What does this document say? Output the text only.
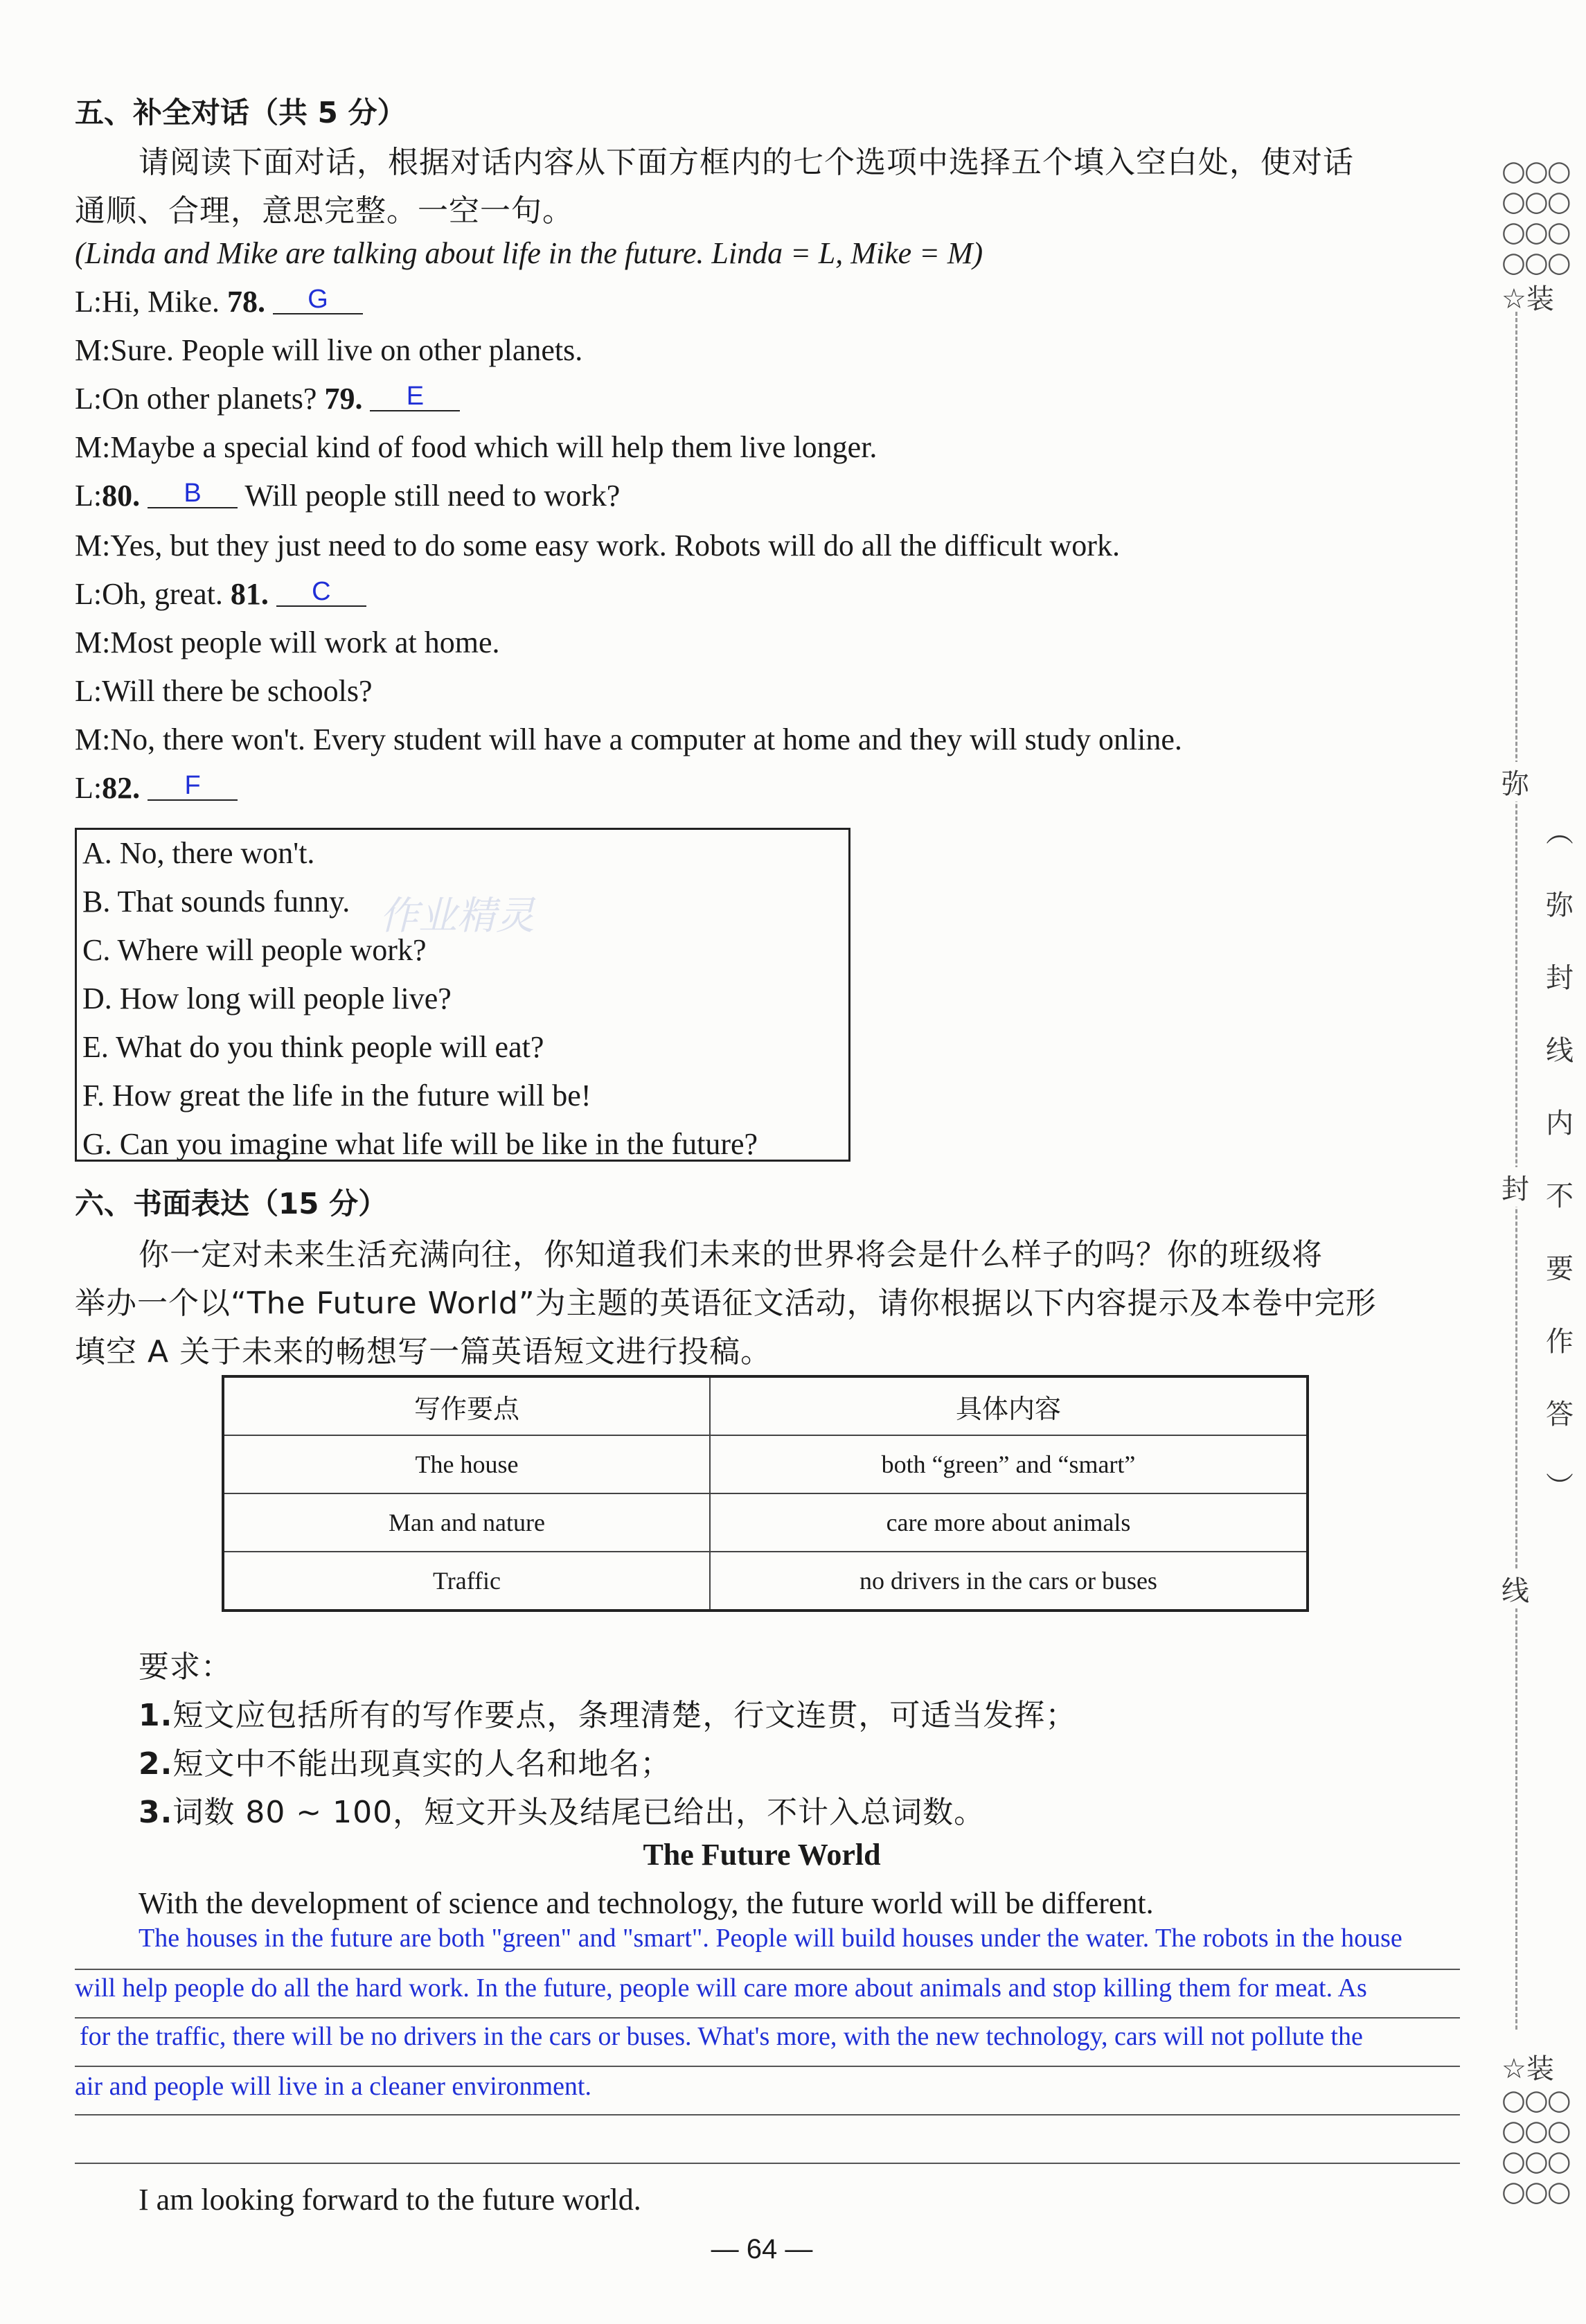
五、补全对话（共 5 分）
请阅读下面对话，根据对话内容从下面方框内的七个选项中选择五个填入空白处，使对话
通顺、合理，意思完整。一空一句。
(Linda and Mike are talking about life in the future. Linda = L, Mike = M)
L:Hi, Mike. 78. G
M:Sure. People will live on other planets.
L:On other planets? 79. E
M:Maybe a special kind of food which will help them live longer.
L:80. B Will people still need to work?
M:Yes, but they just need to do some easy work. Robots will do all the difficult work.
L:Oh, great. 81. C
M:Most people will work at home.
L:Will there be schools?
M:No, there won't. Every student will have a computer at home and they will study online.
L:82. F
作业精灵
A. No, there won't.
B. That sounds funny.
C. Where will people work?
D. How long will people live?
E. What do you think people will eat?
F. How great the life in the future will be!
G. Can you imagine what life will be like in the future?
六、书面表达（15 分）
你一定对未来生活充满向往，你知道我们未来的世界将会是什么样子的吗？你的班级将
举办一个以“The Future World”为主题的英语征文活动，请你根据以下内容提示及本卷中完形
填空 A 关于未来的畅想写一篇英语短文进行投稿。
写作要点	具体内容
The house	both “green” and “smart”
Man and nature	care more about animals
Traffic	no drivers in the cars or buses
要求：
1.短文应包括所有的写作要点，条理清楚，行文连贯，可适当发挥；
2.短文中不能出现真实的人名和地名；
3.词数 80 ~ 100，短文开头及结尾已给出，不计入总词数。
The Future World
With the development of science and technology, the future world will be different.
The houses in the future are both "green" and "smart". People will build houses under the water. The robots in the house
will help people do all the hard work. In the future, people will care more about animals and stop killing them for meat. As
for the traffic, there will be no drivers in the cars or buses. What's more, with the new technology, cars will not pollute the
air and people will live in a cleaner environment.
I am looking forward to the future world.
— 64 —
○○○
○○○
○○○
○○○
☆装
弥
封
线
︵
弥
封
线
内
不
要
作
答
︶
☆装
○○○
○○○
○○○
○○○
